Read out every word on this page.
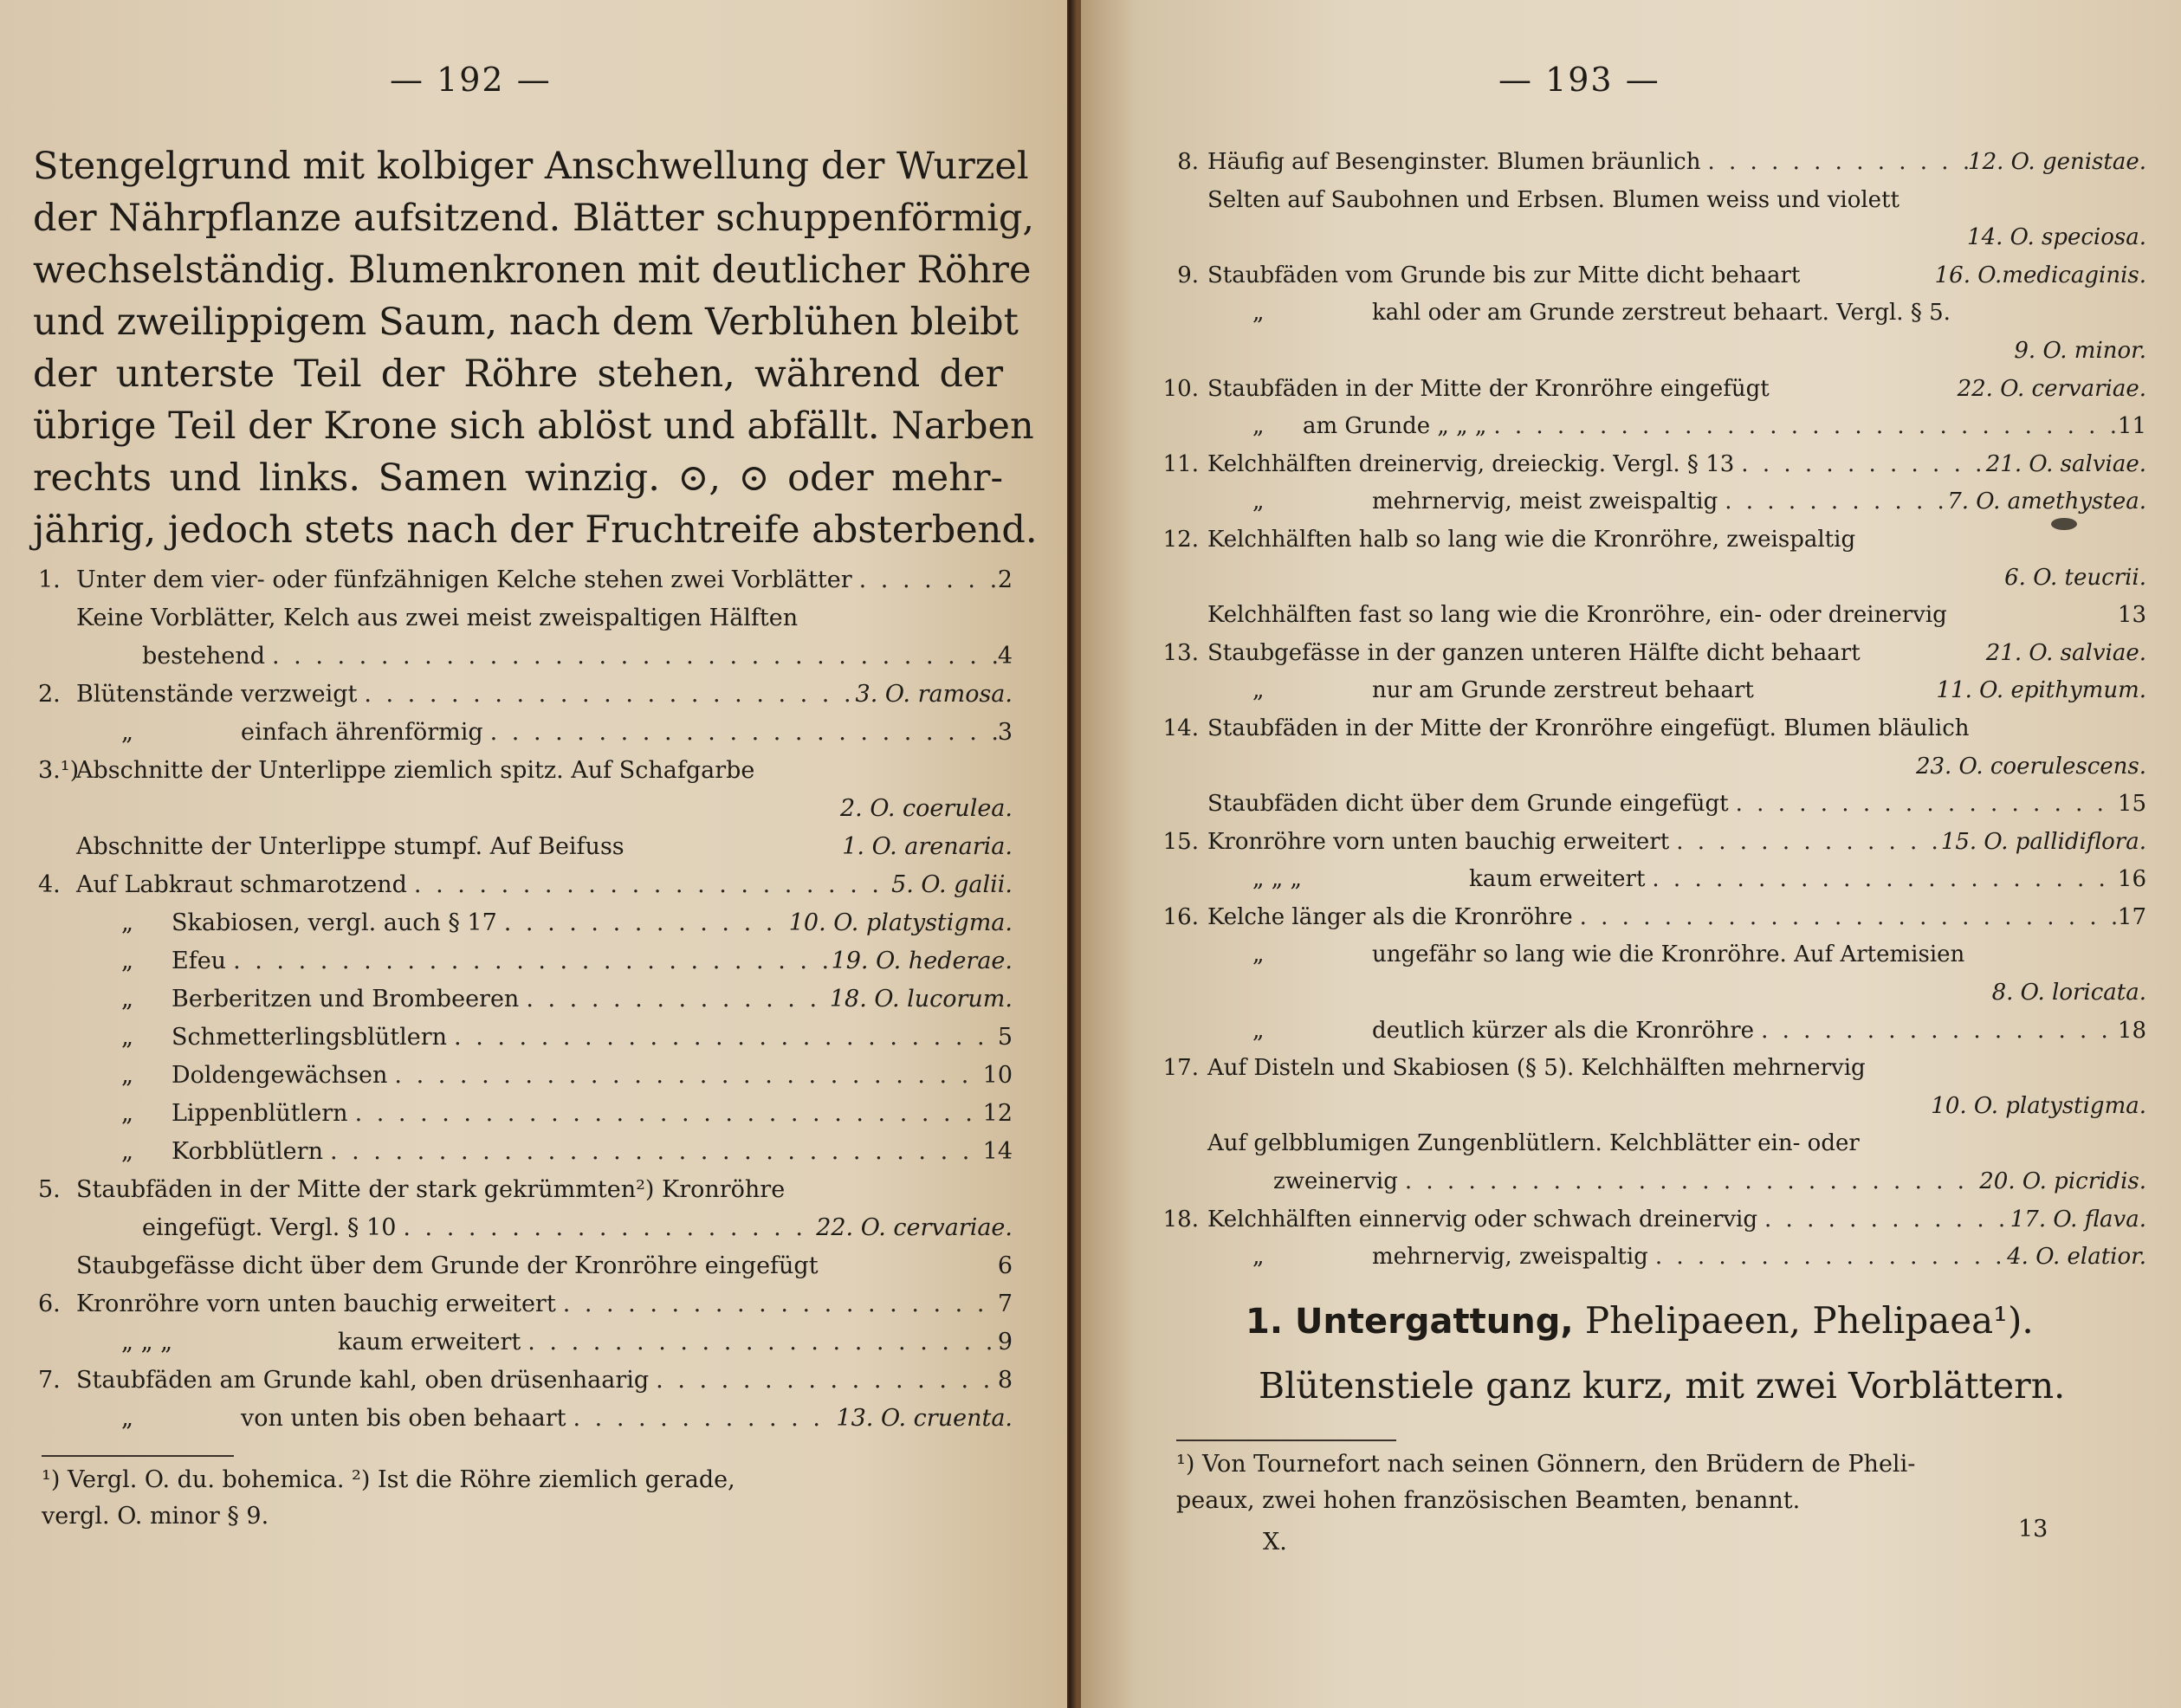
— 192 —
Stengelgrund mit kolbiger Anschwellung der Wurzel
der Nährpflanze aufsitzend. Blätter schuppenförmig,
wechselständig. Blumenkronen mit deutlicher Röhre
und zweilippigem Saum, nach dem Verblühen bleibt
der unterste Teil der Röhre stehen, während der
übrige Teil der Krone sich ablöst und abfällt. Narben
rechts und links. Samen winzig. ⊙, ⊙ oder mehr-
jährig, jedoch stets nach der Fruchtreife absterbend.
1. Unter dem vier- oder fünfzähnigen Kelche stehen zwei Vorblätter . . .	2
Keine Vorblätter, Kelch aus zwei meist zweispaltigen Hälften
bestehend . . .	4
2. Blütenstände verzweigt . . .	3. O. ramosa.
„	einfach ährenförmig . . .	3
3.¹)
Abschnitte der Unterlippe ziemlich spitz. Auf Schafgarbe
2. O. coerulea.
Abschnitte der Unterlippe stumpf. Auf Beifuss	1. O. arenaria.
4. Auf Labkraut schmarotzend . . .	5. O. galii.
„	Skabiosen, vergl. auch § 17 . . .	10. O. platystigma.
„	Efeu . . .	19. O. hederae.
„	Berberitzen und Brombeeren . . .	18. O. lucorum.
„	Schmetterlingsblütlern . . .	5
„	Doldengewächsen . . .	10
„	Lippenblütlern . . .	12
„	Korbblütlern . . .	14
5. Staubfäden in der Mitte der stark gekrümmten²) Kronröhre
eingefügt. Vergl. § 10 . . .	22. O. cervariae.
Staubgefässe dicht über dem Grunde der Kronröhre eingefügt	6
6. Kronröhre vorn unten bauchig erweitert . . .	7
„ „ „	kaum erweitert . . .	9
7. Staubfäden am Grunde kahl, oben drüsenhaarig . . .	8
„	von unten bis oben behaart . . .	13. O. cruenta.
¹) Vergl. O. du. bohemica. ²) Ist die Röhre ziemlich gerade,
vergl. O. minor § 9.
— 193 —
8. Häufig auf Besenginster. Blumen bräunlich . . .	12. O. genistae.
Selten auf Saubohnen und Erbsen. Blumen weiss und violett
14. O. speciosa.
9. Staubfäden vom Grunde bis zur Mitte dicht behaart	16. O.medicaginis.
„	kahl oder am Grunde zerstreut behaart. Vergl. § 5.
9. O. minor.
10. Staubfäden in der Mitte der Kronröhre eingefügt	22. O. cervariae.
„	am Grunde „ „ „ . . .	11
11. Kelchhälften dreinervig, dreieckig. Vergl. § 13 . . .	21. O. salviae.
„	mehrnervig, meist zweispaltig . . .	7. O. amethystea.
12. Kelchhälften halb so lang wie die Kronröhre, zweispaltig
6. O. teucrii.
Kelchhälften fast so lang wie die Kronröhre, ein- oder dreinervig	13
13. Staubgefässe in der ganzen unteren Hälfte dicht behaart	21. O. salviae.
„	nur am Grunde zerstreut behaart	11. O. epithymum.
14. Staubfäden in der Mitte der Kronröhre eingefügt. Blumen bläulich
23. O. coerulescens.
Staubfäden dicht über dem Grunde eingefügt . . .	15
15. Kronröhre vorn unten bauchig erweitert . . .	15. O. pallidiflora.
„ „ „	kaum erweitert . . .	16
16. Kelche länger als die Kronröhre . . .	17
„	ungefähr so lang wie die Kronröhre. Auf Artemisien
8. O. loricata.
„	deutlich kürzer als die Kronröhre . . .	18
17. Auf Disteln und Skabiosen (§ 5). Kelchhälften mehrnervig
10. O. platystigma.
Auf gelbblumigen Zungenblütlern. Kelchblätter ein- oder
zweinervig . . .	20. O. picridis.
18. Kelchhälften einnervig oder schwach dreinervig . . .	17. O. flava.
„	mehrnervig, zweispaltig . . .	4. O. elatior.
1. Untergattung, Phelipaeen, Phelipaea¹).
Blütenstiele ganz kurz, mit zwei Vorblättern.
¹) Von Tournefort nach seinen Gönnern, den Brüdern de Pheli-
peaux, zwei hohen französischen Beamten, benannt.
X.	13
